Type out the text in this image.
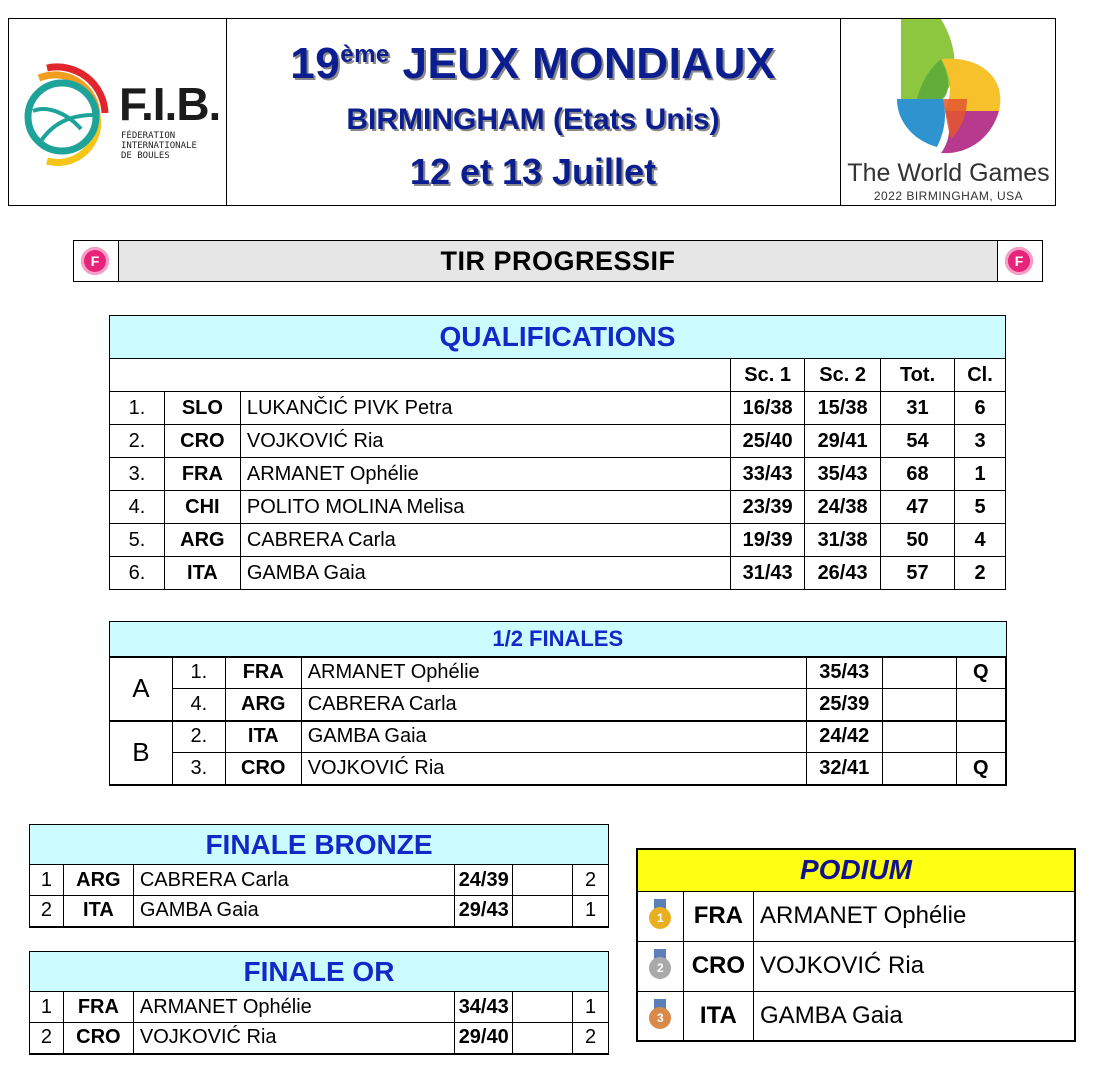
F.I.B.
FÉDERATION
INTERNATIONALE
DE BOULES
19ème JEUX MONDIAUX
BIRMINGHAM (Etats Unis)
12 et 13 Juillet	The World Games
2022 BIRMINGHAM, USA
F	TIR PROGRESSIF	F
QUALIFICATIONS						
			Sc. 1	Sc. 2	Tot.	Cl.
1.	SLO	LUKANČIĆ PIVK Petra	16/38	15/38	31	6
2.	CRO	VOJKOVIĆ Ria	25/40	29/41	54	3
3.	FRA	ARMANET Ophélie	33/43	35/43	68	1
4.	CHI	POLITO MOLINA Melisa	23/39	24/38	47	5
5.	ARG	CABRERA Carla	19/39	31/38	50	4
6.	ITA	GAMBA Gaia	31/43	26/43	57	2
1/2 FINALES						
A	1.	FRA	ARMANET Ophélie	35/43		Q
	4.	ARG	CABRERA Carla	25/39		
B	2.	ITA	GAMBA Gaia	24/42		
	3.	CRO	VOJKOVIĆ Ria	32/41		Q
FINALE BRONZE					
1	ARG	CABRERA Carla	24/39		2
2	ITA	GAMBA Gaia	29/43		1
FINALE OR					
1	FRA	ARMANET Ophélie	34/43		1
2	CRO	VOJKOVIĆ Ria	29/40		2
PODIUM		

1	FRA	ARMANET Ophélie

2	CRO	VOJKOVIĆ Ria

3	ITA	GAMBA Gaia
